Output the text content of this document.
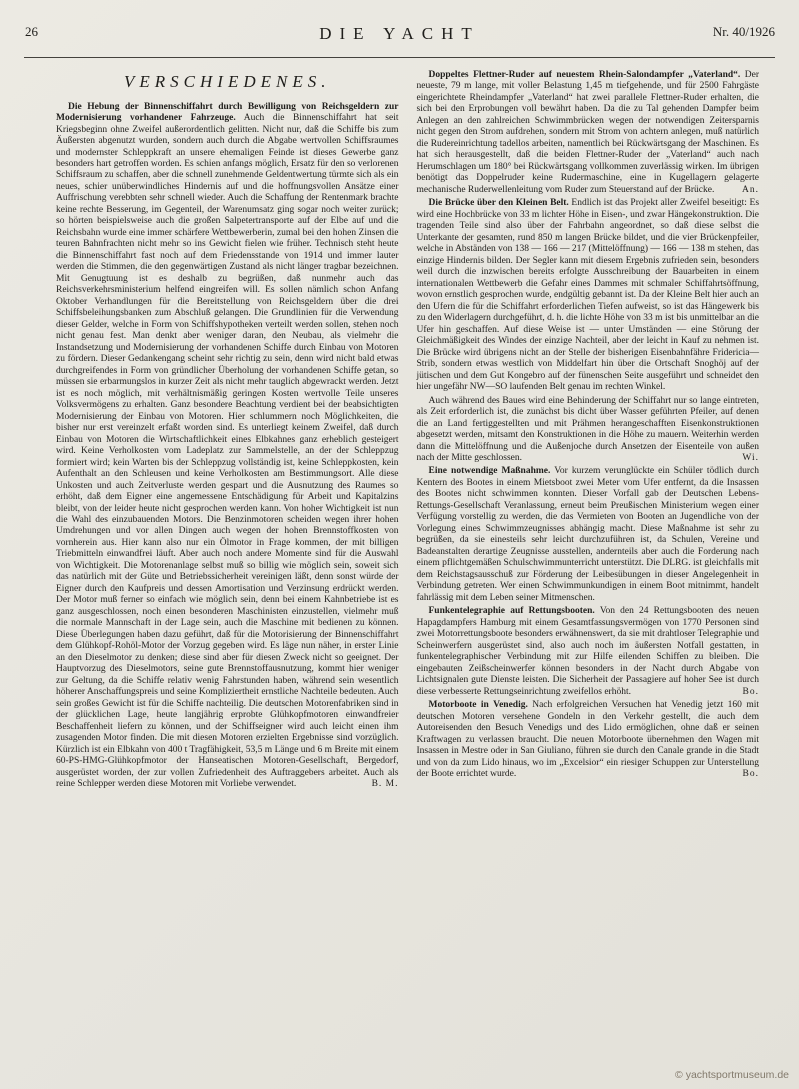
26	DIE YACHT	Nr. 40/1926
VERSCHIEDENES.

Die Hebung der Binnenschiffahrt durch Bewilligung von Reichsgeldern zur Modernisierung vorhandener Fahrzeuge. Auch die Binnenschiffahrt hat seit Kriegsbeginn ohne Zweifel außerordentlich gelitten. Nicht nur, daß die Schiffe bis zum Äußersten abgenutzt wurden, sondern auch durch die Abgabe wertvollen Schiffsraumes und modernster Schleppkraft an unsere ehemaligen Feinde ist dieses Gewerbe ganz besonders hart getroffen worden. Es schien anfangs möglich, Ersatz für den so verlorenen Schiffsraum zu schaffen, aber die schnell zunehmende Geldentwertung türmte sich als ein neues, schier unüberwindliches Hindernis auf und die hoffnungsvollen Ansätze einer Auffrischung verebbten sehr schnell wieder. Auch die Schaffung der Rentenmark brachte keine rechte Besserung, im Gegenteil, der Warenumsatz ging sogar noch weiter zurück; so hörten beispielsweise auch die großen Salpetertransporte auf der Elbe auf und die Reichsbahn wurde eine immer schärfere Wettbewerberin, zumal bei den hohen Zinsen die teuren Bahnfrachten nicht mehr so ins Gewicht fielen wie früher. Technisch steht heute die Binnenschiffahrt fast noch auf dem Friedensstande von 1914 und immer lauter werden die Stimmen, die den gegenwärtigen Zustand als nicht länger tragbar bezeichnen. Mit Genugtuung ist es deshalb zu begrüßen, daß nunmehr auch das Reichsverkehrsministerium helfend eingreifen will. Es sollen nämlich schon Anfang Oktober Verhandlungen für die Bereitstellung von Reichsgeldern über die drei Schiffsbeleihungsbanken zum Abschluß gelangen. Die Grundlinien für die Verwendung dieser Gelder, welche in Form von Schiffshypotheken verteilt werden sollen, stehen noch nicht genau fest. Man denkt aber weniger daran, den Neubau, als vielmehr die Instandsetzung und Modernisierung der vorhandenen Schiffe durch Einbau von Motoren zu fördern. Dieser Gedankengang scheint sehr richtig zu sein, denn wird nicht bald etwas durchgreifendes in Form von gründlicher Überholung der vorhandenen Schiffe getan, so müssen sie erbarmungslos in kurzer Zeit als nicht mehr tauglich abgewrackt werden. Jetzt ist es noch möglich, mit verhältnismäßig geringen Kosten wertvolle Teile unseres Volksvermögens zu erhalten. Ganz besondere Beachtung verdient bei der beabsichtigten Modernisierung der Einbau von Motoren. Hier schlummern noch Möglichkeiten, die bisher nur erst vereinzelt erfaßt worden sind. Es unterliegt keinem Zweifel, daß durch Einbau von Motoren die Wirtschaftlichkeit eines Elbkahnes ganz erheblich gesteigert wird. Keine Verholkosten vom Ladeplatz zur Sammelstelle, an der der Schleppzug formiert wird; kein Warten bis der Schleppzug vollständig ist, keine Schleppkosten, kein Aufenthalt an den Schleusen und keine Verholkosten am Bestimmungsort. Alle diese Unkosten und auch Zeitverluste werden gespart und die Ausnutzung des Raumes so erhöht, daß dem Eigner eine angemessene Entschädigung für Arbeit und Kapitalzins bleibt, von der leider heute nicht gesprochen werden kann. Von hoher Wichtigkeit ist nun die Wahl des einzubauenden Motors. Die Benzinmotoren scheiden wegen ihrer hohen Umdrehungen und vor allen Dingen auch wegen der hohen Brennstoffkosten von vornherein aus. Hier kann also nur ein Ölmotor in Frage kommen, der mit billigen Triebmitteln einwandfrei läuft. Aber auch noch andere Momente sind für die Auswahl von Wichtigkeit. Die Motorenanlage selbst muß so billig wie möglich sein, soweit sich das natürlich mit der Güte und Betriebssicherheit vereinigen läßt, denn sonst würde der Eigner durch den Kaufpreis und dessen Amortisation und Verzinsung erdrückt werden. Der Motor muß ferner so einfach wie möglich sein, denn bei einem Kahnbetriebe ist es ganz ausgeschlossen, noch einen besonderen Maschinisten einzustellen, vielmehr muß die normale Mannschaft in der Lage sein, auch die Maschine mit bedienen zu können. Diese Überlegungen haben dazu geführt, daß für die Motorisierung der Binnenschiffahrt dem Glühkopf-Rohöl-Motor der Vorzug gegeben wird. Es läge nun näher, in erster Linie an den Dieselmotor zu denken; diese sind aber für diesen Zweck nicht so geeignet. Der Hauptvorzug des Dieselmotors, seine gute Brennstoffausnutzung, kommt hier weniger zur Geltung, da die Schiffe relativ wenig Fahrstunden haben, während sein wesentlich höherer Anschaffungspreis und seine Kompliziertheit ernstliche Nachteile bedeuten. Auch sein großes Gewicht ist für die Schiffe nachteilig. Die deutschen Motorenfabriken sind in der glücklichen Lage, heute langjährig erprobte Glühkopfmotoren einwandfreier Beschaffenheit liefern zu können, und der Schiffseigner wird auch leicht einen ihm zusagenden Motor finden. Die mit diesen Motoren erzielten Ergebnisse sind vorzüglich. Kürzlich ist ein Elbkahn von 400 t Tragfähigkeit, 53,5 m Länge und 6 m Breite mit einem 60-PS-HMG-Glühkopfmotor der Hanseatischen Motoren-Gesellschaft, Bergedorf, ausgerüstet worden, der zur vollen Zufriedenheit des Auftraggebers arbeitet. Auch als reine Schlepper werden diese Motoren mit Vorliebe verwendet.	B. M.

Doppeltes Flettner-Ruder auf neuestem Rhein-Salondampfer „Vaterland“. Der neueste, 79 m lange, mit voller Belastung 1,45 m tiefgehende, und für 2500 Fahrgäste eingerichtete Rheindampfer „Vaterland“ hat zwei parallele Flettner-Ruder erhalten, die sich bei den Erprobungen voll bewährt haben. Da die zu Tal gehenden Dampfer beim Anlegen an den zahlreichen Schwimmbrücken wegen der notwendigen Zeitersparnis nicht gegen den Strom aufdrehen, sondern mit Strom von achtern anlegen, muß natürlich die Rudereinrichtung tadellos arbeiten, namentlich bei Rückwärtsgang der Maschinen. Es hat sich herausgestellt, daß die beiden Flettner-Ruder der „Vaterland“ auch nach Herumschlagen um 180° bei Rückwärtsgang vollkommen zuverlässig wirken. Im übrigen benötigt das Doppelruder keine Rudermaschine, eine in Kugellagern gelagerte mechanische Ruderwellenleitung vom Ruder zum Steuerstand auf der Brücke.	An.

Die Brücke über den Kleinen Belt. Endlich ist das Projekt aller Zweifel beseitigt: Es wird eine Hochbrücke von 33 m lichter Höhe in Eisen-, und zwar Hängekonstruktion. Die tragenden Teile sind also über der Fahrbahn angeordnet, so daß diese selbst die Unterkante der gesamten, rund 850 m langen Brücke bildet, und die vier Brückenpfeiler, welche in Abständen von 138 — 166 — 217 (Mittelöffnung) — 166 — 138 m stehen, das einzige Hindernis bilden. Der Segler kann mit diesem Ergebnis zufrieden sein, besonders weil durch die inzwischen bereits erfolgte Ausschreibung der Bauarbeiten in einem internationalen Wettbewerb die Gefahr eines Dammes mit schmaler Schiffahrtsöffnung, wovon ernstlich gesprochen wurde, endgültig gebannt ist. Da der Kleine Belt hier auch an den Ufern die für die Schiffahrt erforderlichen Tiefen aufweist, so ist das Hängewerk bis zu den Widerlagern durchgeführt, d. h. die lichte Höhe von 33 m ist bis unmittelbar an die Ufer hin geschaffen. Auf diese Weise ist — unter Umständen — eine Störung der Gleichmäßigkeit des Windes der einzige Nachteil, aber der leicht in Kauf zu nehmen ist. Die Brücke wird übrigens nicht an der Stelle der bisherigen Eisenbahnfähre Fridericia—Strib, sondern etwas westlich von Middelfart hin über die Ortschaft Snoghöj auf der jütischen und dem Gut Kongebro auf der fünenschen Seite ausgeführt und schneidet den hier ungefähr NW—SO laufenden Belt genau im rechten Winkel.

Auch während des Baues wird eine Behinderung der Schiffahrt nur so lange eintreten, als Zeit erforderlich ist, die zunächst bis dicht über Wasser geführten Pfeiler, auf denen die an Land fertiggestellten und mit Prähmen herangeschafften Eisenkonstruktionen abgesetzt werden, mitsamt den Konstruktionen in die Höhe zu mauern. Weiterhin werden dann die Mittelöffnung und die Außenjoche durch Ansetzen der Eisenteile von außen nach der Mitte geschlossen.	Wi.

Eine notwendige Maßnahme. Vor kurzem verunglückte ein Schüler tödlich durch Kentern des Bootes in einem Mietsboot zwei Meter vom Ufer entfernt, da die Insassen des Bootes nicht schwimmen konnten. Dieser Vorfall gab der Deutschen Lebens-Rettungs-Gesellschaft Veranlassung, erneut beim Preußischen Ministerium wegen einer Verfügung vorstellig zu werden, die das Vermieten von Booten an Jugendliche von der Vorlegung eines Schwimmzeugnisses abhängig macht. Diese Maßnahme ist sehr zu begrüßen, da sie einesteils sehr leicht durchzuführen ist, da Schulen, Vereine und Badeanstalten derartige Zeugnisse ausstellen, andernteils aber auch die Forderung nach einem pflichtgemäßen Schulschwimmunterricht unterstützt. Die DLRG. ist gleichfalls mit dem Reichstagsausschuß zur Förderung der Leibesübungen in dieser Angelegenheit in Verbindung getreten. Wer einen Schwimmunkundigen in einem Boot mitnimmt, handelt fahrlässig mit dem Leben seiner Mitmenschen.

Funkentelegraphie auf Rettungsbooten. Von den 24 Rettungsbooten des neuen Hapagdampfers Hamburg mit einem Gesamtfassungsvermögen von 1770 Personen sind zwei Motorrettungsboote besonders erwähnenswert, da sie mit drahtloser Telegraphie und Scheinwerfern ausgerüstet sind, also auch noch im äußersten Notfall gestatten, in funkentelegraphischer Verbindung mit zur Hilfe eilenden Schiffen zu bleiben. Die eingebauten Zeißscheinwerfer können besonders in der Nacht durch Abgabe von Lichtsignalen gute Dienste leisten. Die Sicherheit der Passagiere auf hoher See ist durch diese verbesserte Rettungseinrichtung zweifellos erhöht.	Bo.

Motorboote in Venedig. Nach erfolgreichen Versuchen hat Venedig jetzt 160 mit deutschen Motoren versehene Gondeln in den Verkehr gestellt, die auch dem Autoreisenden den Besuch Venedigs und des Lido ermöglichen, ohne daß er seinen Kraftwagen zu verlassen braucht. Die neuen Motorboote übernehmen den Wagen mit Insassen in Mestre oder in San Giuliano, führen sie durch den Canale grande in die Stadt und von da zum Lido hinaus, wo im „Excelsior“ ein riesiger Schuppen zur Unterstellung der Boote errichtet wurde.	Bo.

© yachtsportmuseum.de
